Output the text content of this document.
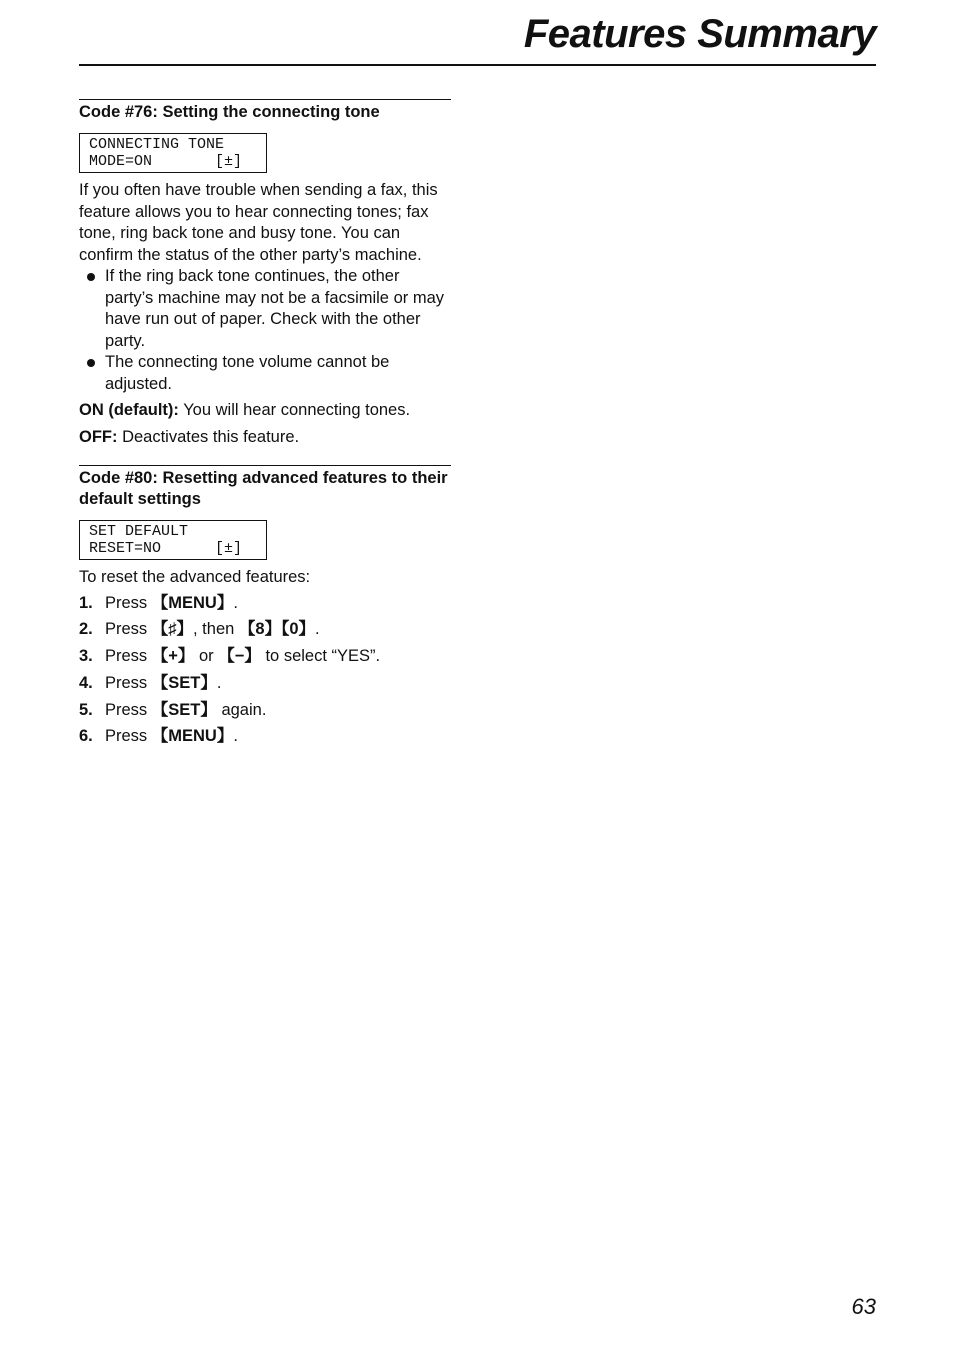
Features Summary
Code #76: Setting the connecting tone
CONNECTING TONE
MODE=ON       [±]

If you often have trouble when sending a fax, this feature allows you to hear connecting tones; fax tone, ring back tone and busy tone. You can confirm the status of the other party’s machine.

If the ring back tone continues, the other party’s machine may not be a facsimile or may have run out of paper. Check with the other party.
The connecting tone volume cannot be adjusted.

ON (default): You will hear connecting tones.

OFF: Deactivates this feature.

Code #80: Resetting advanced features to their default settings
SET DEFAULT
RESET=NO      [±]

To reset the advanced features:

1. Press 【MENU】.
2. Press 【♯】, then 【8】【0】.
3. Press 【+】 or 【−】 to select “YES”.
4. Press 【SET】.
5. Press 【SET】 again.
6. Press 【MENU】.

63
